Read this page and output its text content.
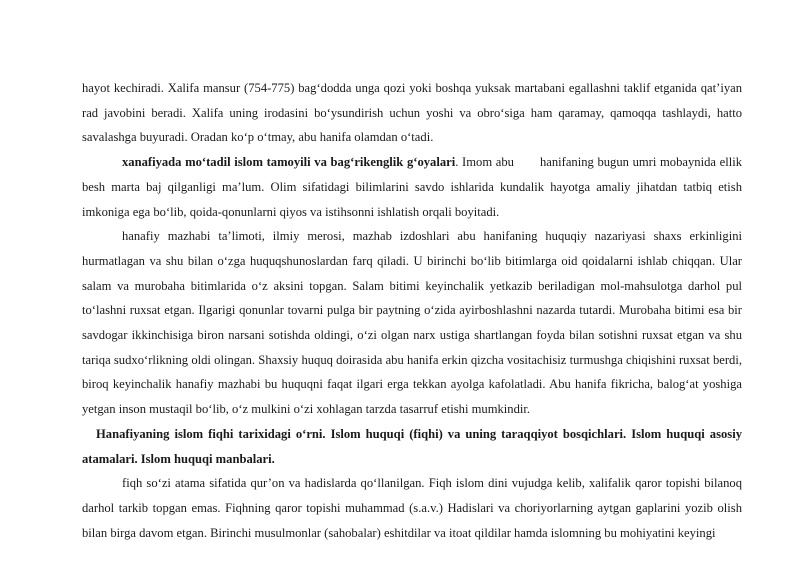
hayot kechiradi. Xalifa mansur (754-775) bag‘dodda unga qozi yoki boshqa yuksak martabani egallashni taklif etganida qat’iyan rad javobini beradi. Xalifa uning irodasini bo‘ysundirish uchun yoshi va obro‘siga ham qaramay, qamoqqa tashlaydi, hatto savalashga buyuradi. Oradan ko‘p o‘tmay, abu hanifa olamdan o‘tadi.

xanafiyada mo‘tadil islom tamoyili va bag‘rikenglik g‘oyalari. Imom abu hanifaning bugun umri mobaynida ellik besh marta baj qilganligi ma’lum. Olim sifatidagi bilimlarini savdo ishlarida kundalik hayotga amaliy jihatdan tatbiq etish imkoniga ega bo‘lib, qoida-qonunlarni qiyos va istihsonni ishlatish orqali boyitadi.

hanafiy mazhabi ta’limoti, ilmiy merosi, mazhab izdoshlari abu hanifaning huquqiy nazariyasi shaxs erkinligini hurmatlagan va shu bilan o‘zga huquqshunoslardan farq qiladi. U birinchi bo‘lib bitimlarga oid qoidalarni ishlab chiqqan. Ular salam va murobaha bitimlarida o‘z aksini topgan. Salam bitimi keyinchalik yetkazib beriladigan mol-mahsulotga darhol pul to‘lashni ruxsat etgan. Ilgarigi qonunlar tovarni pulga bir paytning o‘zida ayirboshlashni nazarda tutardi. Murobaha bitimi esa bir savdogar ikkinchisiga biron narsani sotishda oldingi, o‘zi olgan narx ustiga shartlangan foyda bilan sotishni ruxsat etgan va shu tariqa sudxo‘rlikning oldi olingan. Shaxsiy huquq doirasida abu hanifa erkin qizcha vositachisiz turmushga chiqishini ruxsat berdi, biroq keyinchalik hanafiy mazhabi bu huquqni faqat ilgari erga tekkan ayolga kafolatladi. Abu hanifa fikricha, balog‘at yoshiga yetgan inson mustaqil bo‘lib, o‘z mulkini o‘zi xohlagan tarzda tasarruf etishi mumkindir.

Hanafiyaning islom fiqhi tarixidagi o‘rni. Islom huquqi (fiqhi) va uning taraqqiyot bosqichlari. Islom huquqi asosiy atamalari. Islom huquqi manbalari.

fiqh so‘zi atama sifatida qur’on va hadislarda qo‘llanilgan. Fiqh islom dini vujudga kelib, xalifalik qaror topishi bilanoq darhol tarkib topgan emas. Fiqhning qaror topishi muhammad (s.a.v.) Hadislari va choriyorlarning aytgan gaplarini yozib olish bilan birga davom etgan. Birinchi musulmonlar (sahobalar) eshitdilar va itoat qildilar hamda islomning bu mohiyatini keyingi
